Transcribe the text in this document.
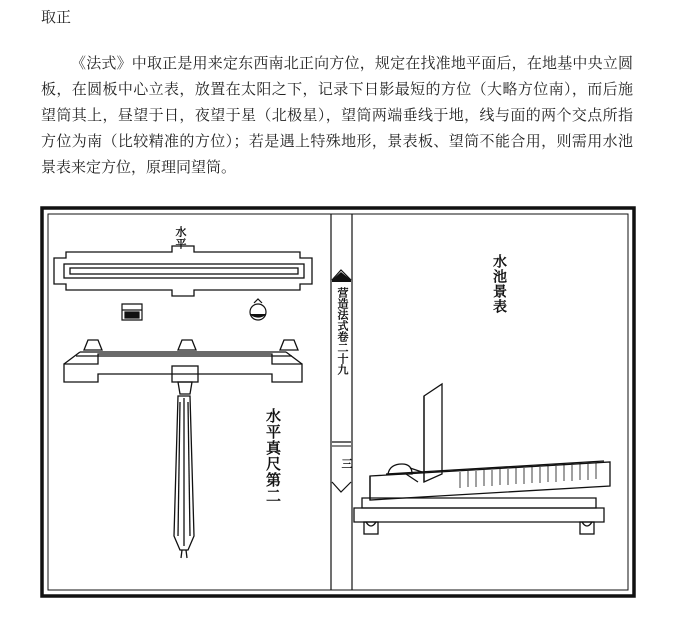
取正

《法式》中取正是用来定东西南北正向方位，规定在找准地平面后，在地基中央立圆板，在圆板中心立表，放置在太阳之下，记录下日影最短的方位（大略方位南），而后施望筒其上，昼望于日，夜望于星（北极星），望筒两端垂线于地，线与面的两个交点所指方位为南（比较精准的方位）；若是遇上特殊地形，景表板、望筒不能合用，则需用水池景表来定方位，原理同望筒。

水平
水平真尺第二
水池景表
营造法式卷二十九
三
